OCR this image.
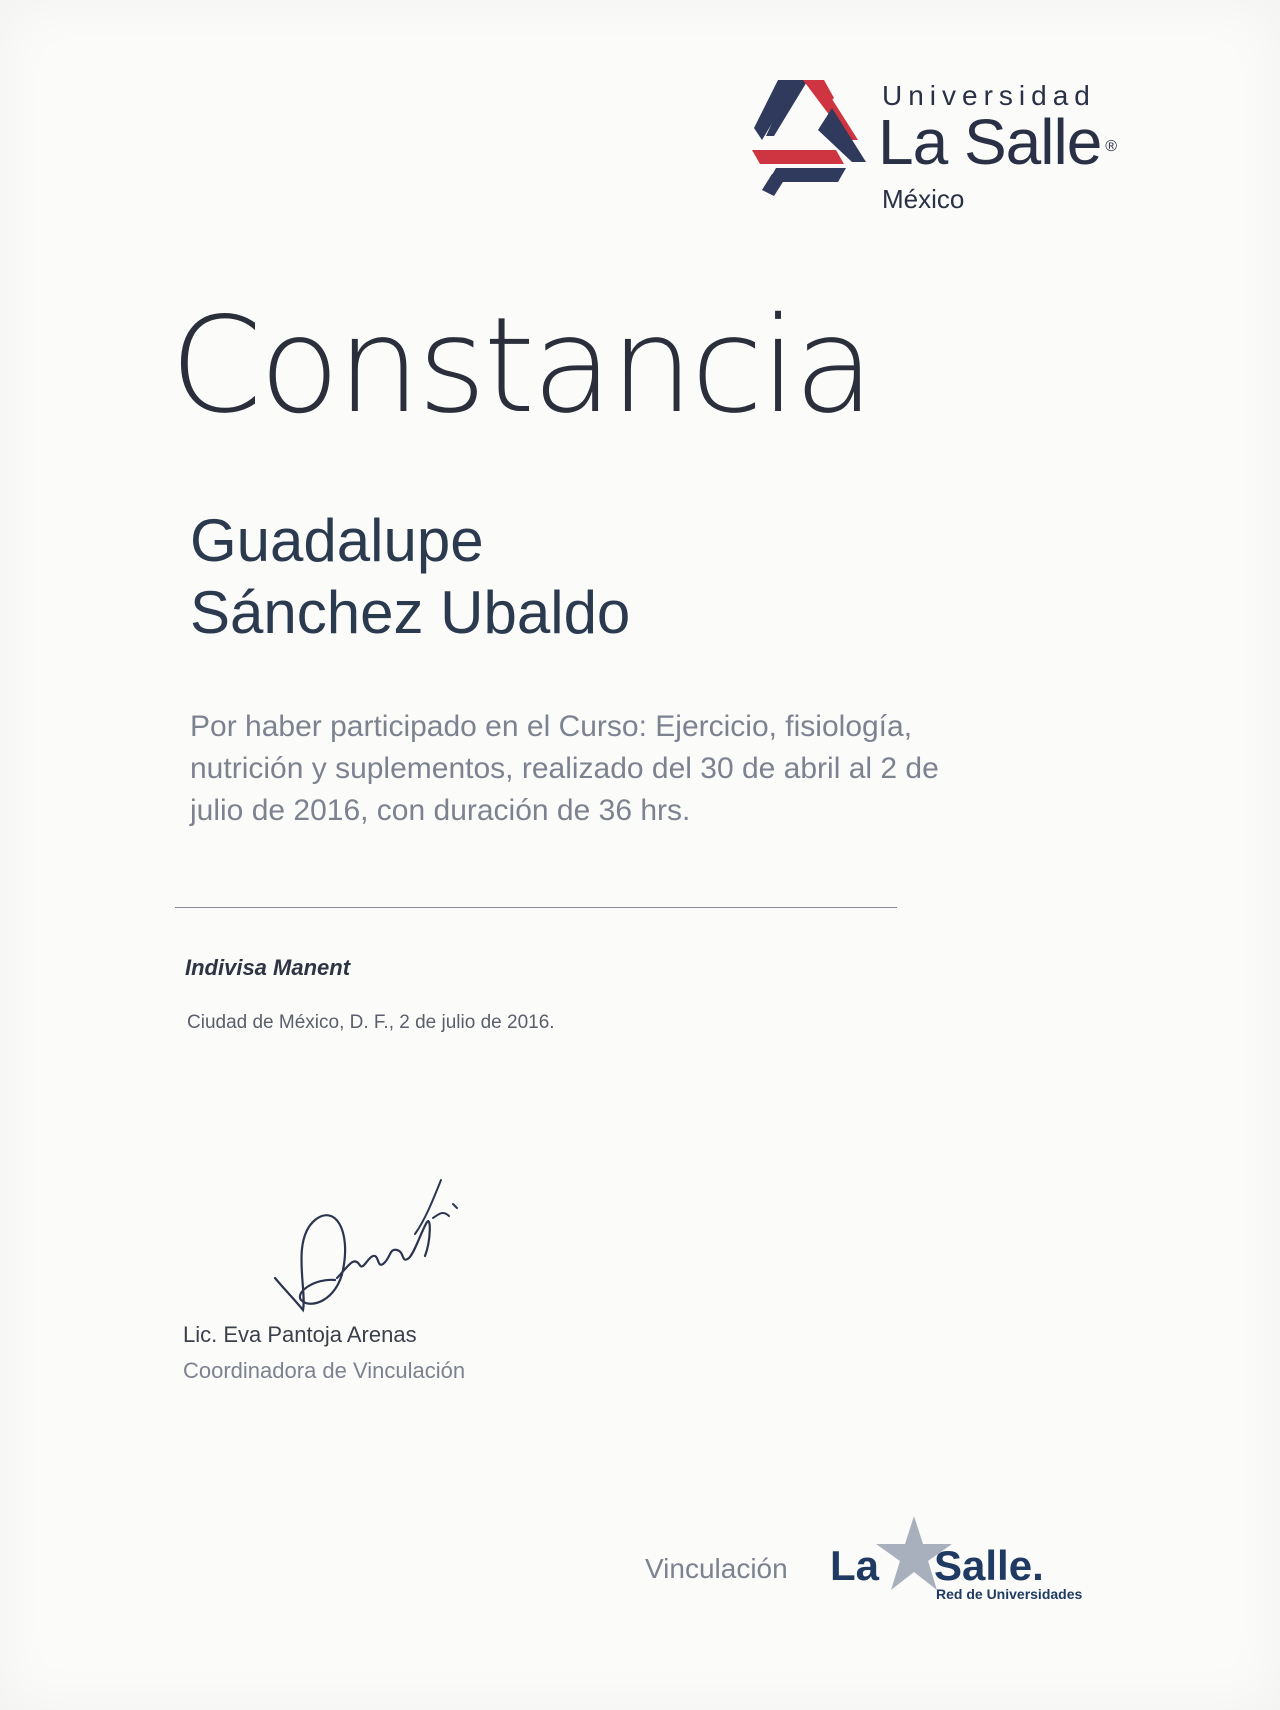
Universidad
La Salle ®
México
Constancia
Guadalupe
Sánchez Ubaldo
Por haber participado en el Curso: Ejercicio, fisiología, nutrición y suplementos, realizado del 30 de abril al 2 de julio de 2016, con duración de 36 hrs.
Indivisa Manent
Ciudad de México, D. F., 2 de julio de 2016.
Lic. Eva Pantoja Arenas
Coordinadora de Vinculación
Vinculación La Salle.
Red de Universidades
